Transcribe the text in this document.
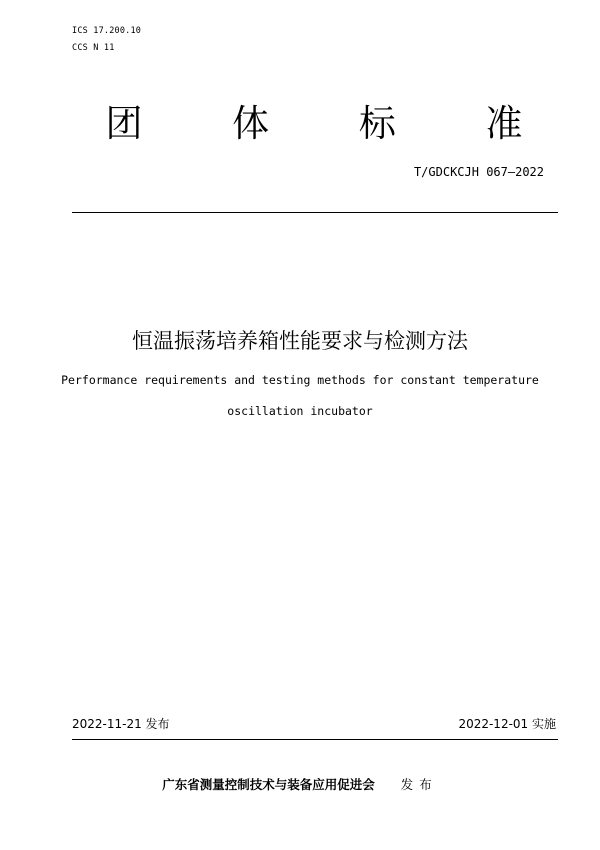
ICS 17.200.10
CCS N 11
团 体 标 准
T/GDCKCJH 067—2022
恒温振荡培养箱性能要求与检测方法
Performance requirements and testing methods for constant temperature
oscillation incubator
2022-11-21 发布	2022-12-01 实施
广东省测量控制技术与装备应用促进会 发布
